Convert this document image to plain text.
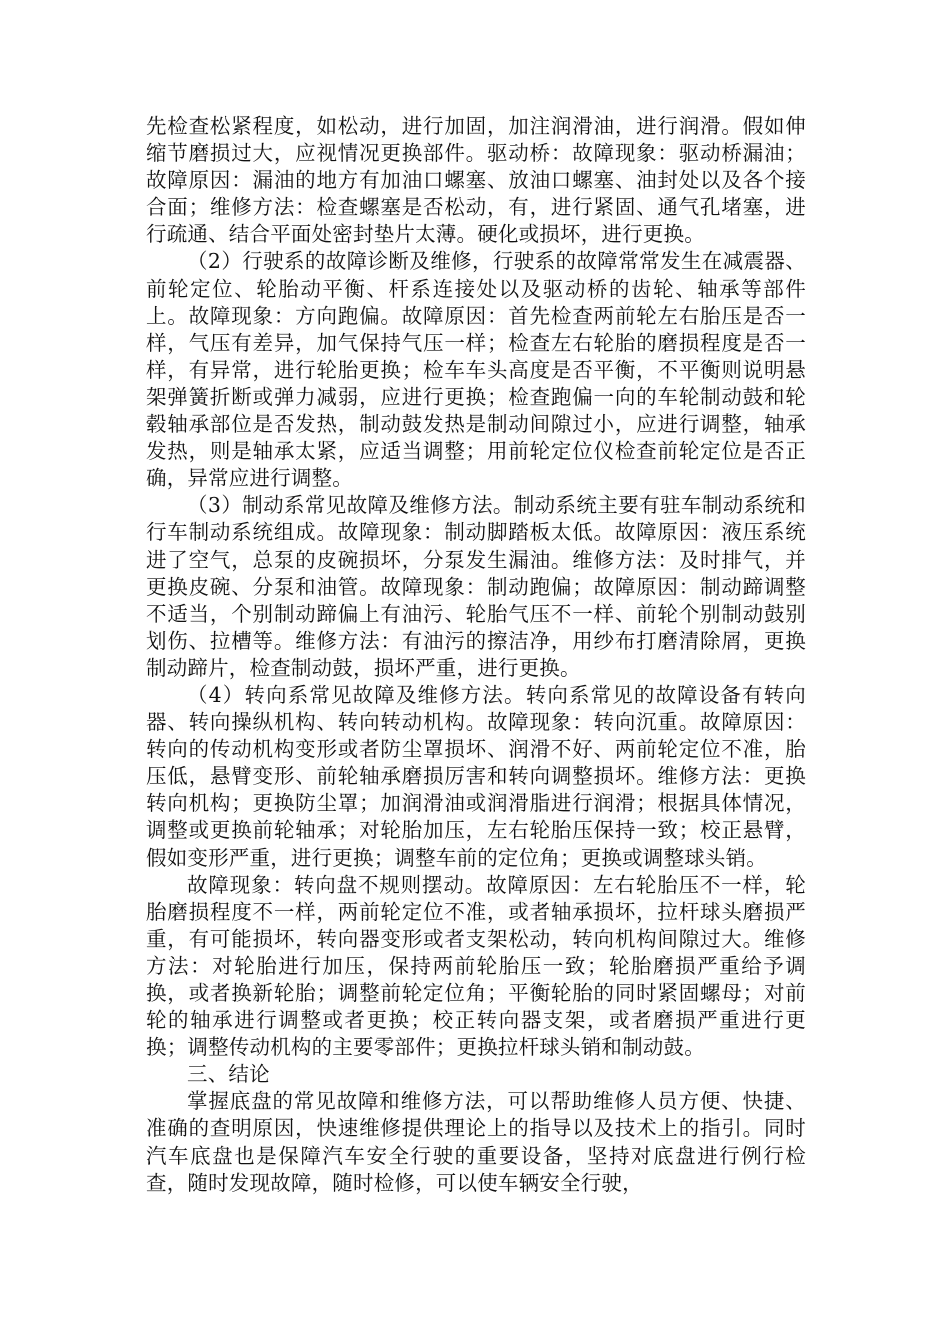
先检查松紧程度，如松动，进行加固，加注润滑油，进行润滑。假如伸缩节磨损过大，应视情况更换部件。驱动桥：故障现象：驱动桥漏油；故障原因：漏油的地方有加油口螺塞、放油口螺塞、油封处以及各个接合面；维修方法：检查螺塞是否松动，有，进行紧固、通气孔堵塞，进行疏通、结合平面处密封垫片太薄。硬化或损坏，进行更换。

（2）行驶系的故障诊断及维修，行驶系的故障常常发生在减震器、前轮定位、轮胎动平衡、杆系连接处以及驱动桥的齿轮、轴承等部件上。故障现象：方向跑偏。故障原因：首先检查两前轮左右胎压是否一样，气压有差异，加气保持气压一样；检查左右轮胎的磨损程度是否一样，有异常，进行轮胎更换；检车车头高度是否平衡，不平衡则说明悬架弹簧折断或弹力减弱，应进行更换；检查跑偏一向的车轮制动鼓和轮毂轴承部位是否发热，制动鼓发热是制动间隙过小，应进行调整，轴承发热，则是轴承太紧，应适当调整；用前轮定位仪检查前轮定位是否正确，异常应进行调整。

（3）制动系常见故障及维修方法。制动系统主要有驻车制动系统和行车制动系统组成。故障现象：制动脚踏板太低。故障原因：液压系统进了空气，总泵的皮碗损坏，分泵发生漏油。维修方法：及时排气，并更换皮碗、分泵和油管。故障现象：制动跑偏；故障原因：制动蹄调整不适当，个别制动蹄偏上有油污、轮胎气压不一样、前轮个别制动鼓别划伤、拉槽等。维修方法：有油污的擦洁净，用纱布打磨清除屑，更换制动蹄片，检查制动鼓，损坏严重，进行更换。

（4）转向系常见故障及维修方法。转向系常见的故障设备有转向器、转向操纵机构、转向转动机构。故障现象：转向沉重。故障原因：转向的传动机构变形或者防尘罩损坏、润滑不好、两前轮定位不准，胎压低，悬臂变形、前轮轴承磨损厉害和转向调整损坏。维修方法：更换转向机构；更换防尘罩；加润滑油或润滑脂进行润滑；根据具体情况，调整或更换前轮轴承；对轮胎加压，左右轮胎压保持一致；校正悬臂，假如变形严重，进行更换；调整车前的定位角；更换或调整球头销。

故障现象：转向盘不规则摆动。故障原因：左右轮胎压不一样，轮胎磨损程度不一样，两前轮定位不准，或者轴承损坏，拉杆球头磨损严重，有可能损坏，转向器变形或者支架松动，转向机构间隙过大。维修方法：对轮胎进行加压，保持两前轮胎压一致；轮胎磨损严重给予调换，或者换新轮胎；调整前轮定位角；平衡轮胎的同时紧固螺母；对前轮的轴承进行调整或者更换；校正转向器支架，或者磨损严重进行更换；调整传动机构的主要零部件；更换拉杆球头销和制动鼓。

三、结论

掌握底盘的常见故障和维修方法，可以帮助维修人员方便、快捷、准确的查明原因，快速维修提供理论上的指导以及技术上的指引。同时汽车底盘也是保障汽车安全行驶的重要设备，坚持对底盘进行例行检查，随时发现故障，随时检修，可以使车辆安全行驶，
